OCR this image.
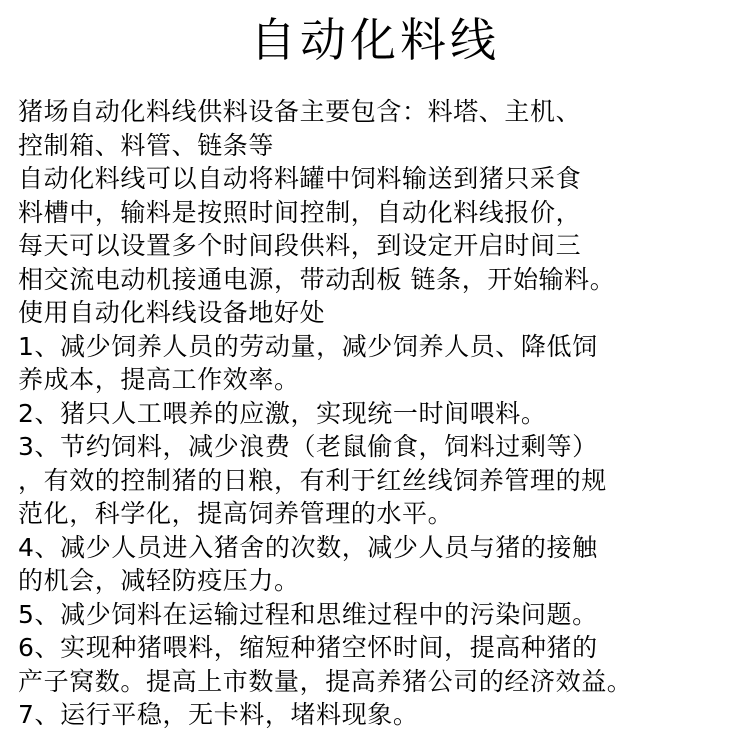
自动化料线
猪场自动化料线供料设备主要包含：料塔、主机、
控制箱、料管、链条等
自动化料线可以自动将料罐中饲料输送到猪只采食
料槽中，输料是按照时间控制，自动化料线报价，
每天可以设置多个时间段供料，到设定开启时间三
相交流电动机接通电源，带动刮板 链条，开始输料。
使用自动化料线设备地好处
1、减少饲养人员的劳动量，减少饲养人员、降低饲
养成本，提高工作效率。
2、猪只人工喂养的应激，实现统一时间喂料。
3、节约饲料，减少浪费（老鼠偷食，饲料过剩等）
，有效的控制猪的日粮，有利于红丝线饲养管理的规
范化，科学化，提高饲养管理的水平。
4、减少人员进入猪舍的次数，减少人员与猪的接触
的机会，减轻防疫压力。
5、减少饲料在运输过程和思维过程中的污染问题。
6、实现种猪喂料，缩短种猪空怀时间，提高种猪的
产子窝数。提高上市数量，提高养猪公司的经济效益。
7、运行平稳，无卡料，堵料现象。
